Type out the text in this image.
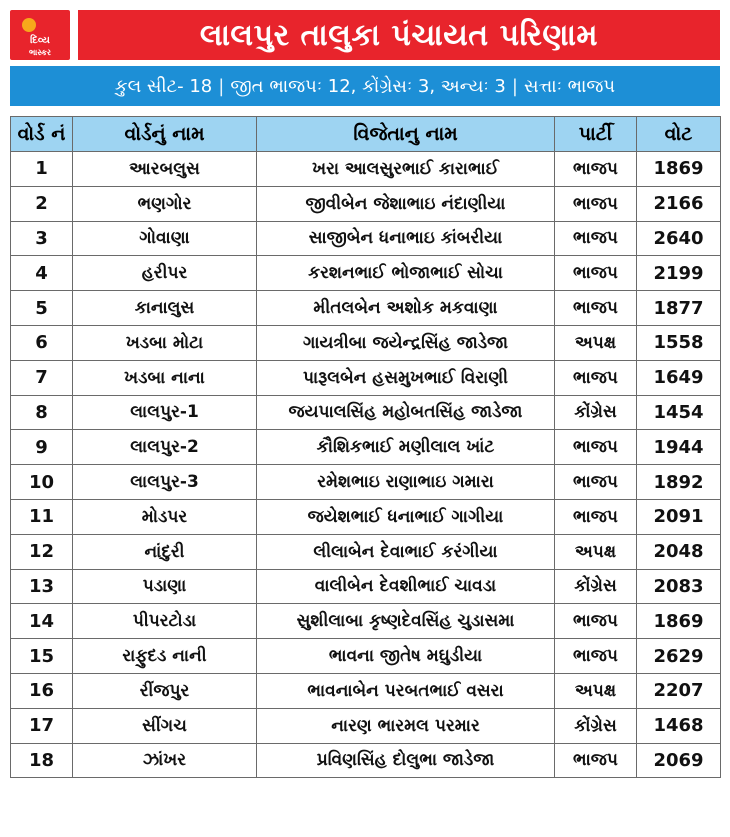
દિવ્ય
ભાસ્કર	લાલપુર તાલુકા પંચાયત પરિણામ
કુલ સીટ- 18 | જીત ભાજપઃ 12, કોંગ્રેસઃ 3, અન્યઃ 3 | સત્તાઃ ભાજપ
વોર્ડ નં	વોર્ડનું નામ	વિજેતાનુ નામ	પાર્ટી	વોટ
1	આરબલુસ	ખરા આલસુરભાઈ કારાભાઈ	ભાજપ	1869
2	ભણગોર	જીવીબેન જેશાભાઇ નંદાણીયા	ભાજપ	2166
3	ગોવાણા	સાજીબેન ધનાભાઇ કાંબરીયા	ભાજપ	2640
4	હરીપર	કરશનભાઈ ભોજાભાઈ સોચા	ભાજપ	2199
5	કાનાલુસ	મીતલબેન અશોક મકવાણા	ભાજપ	1877
6	ખડબા મોટા	ગાયત્રીબા જયેન્દ્રસિંહ જાડેજા	અપક્ષ	1558
7	ખડબા નાના	પારૂલબેન હસમુખભાઈ વિરાણી	ભાજપ	1649
8	લાલપુર-1	જયપાલસિંહ મહોબતસિંહ જાડેજા	કોંગ્રેસ	1454
9	લાલપુર-2	કૌશિકભાઈ મણીલાલ ખાંટ	ભાજપ	1944
10	લાલપુર-3	રમેશભાઇ રાણાભાઇ ગમારા	ભાજપ	1892
11	મોડપર	જયેશભાઈ ધનાભાઈ ગાગીયા	ભાજપ	2091
12	નાંદુરી	લીલાબેન દેવાભાઈ કરંગીયા	અપક્ષ	2048
13	પડાણા	વાલીબેન દેવશીભાઈ ચાવડા	કોંગ્રેસ	2083
14	પીપરટોડા	સુશીલાબા કૃષ્ણદેવસિંહ ચુડાસમા	ભાજપ	1869
15	રાફુદડ નાની	ભાવના જીતેષ મઘુડીયા	ભાજપ	2629
16	રીંજપુર	ભાવનાબેન પરબતભાઈ વસરા	અપક્ષ	2207
17	સીંગચ	નારણ ભારમલ પરમાર	કોંગ્રેસ	1468
18	ઝાંખર	પ્રવિણસિંહ દોલુભા જાડેજા	ભાજપ	2069
